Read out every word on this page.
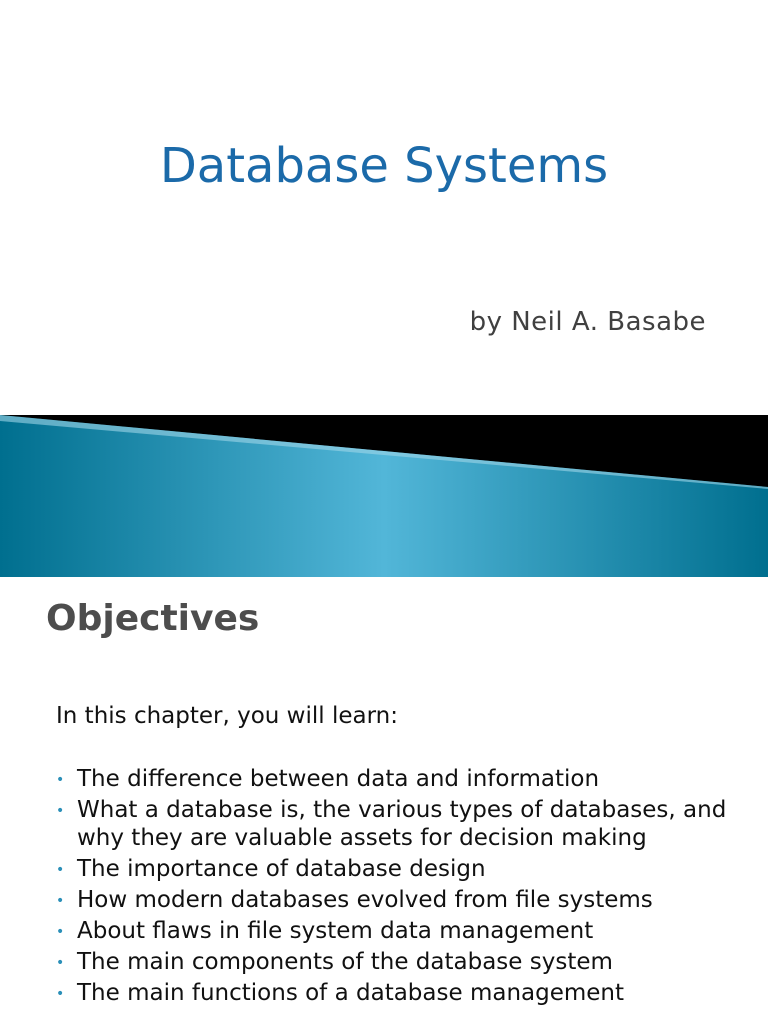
Database Systems
by Neil A. Basabe
Objectives
In this chapter, you will learn:
• The difference between data and information
• What a database is, the various types of databases, and why they are valuable assets for decision making
• The importance of database design
• How modern databases evolved from file systems
• About flaws in file system data management
• The main components of the database system
• The main functions of a database management
